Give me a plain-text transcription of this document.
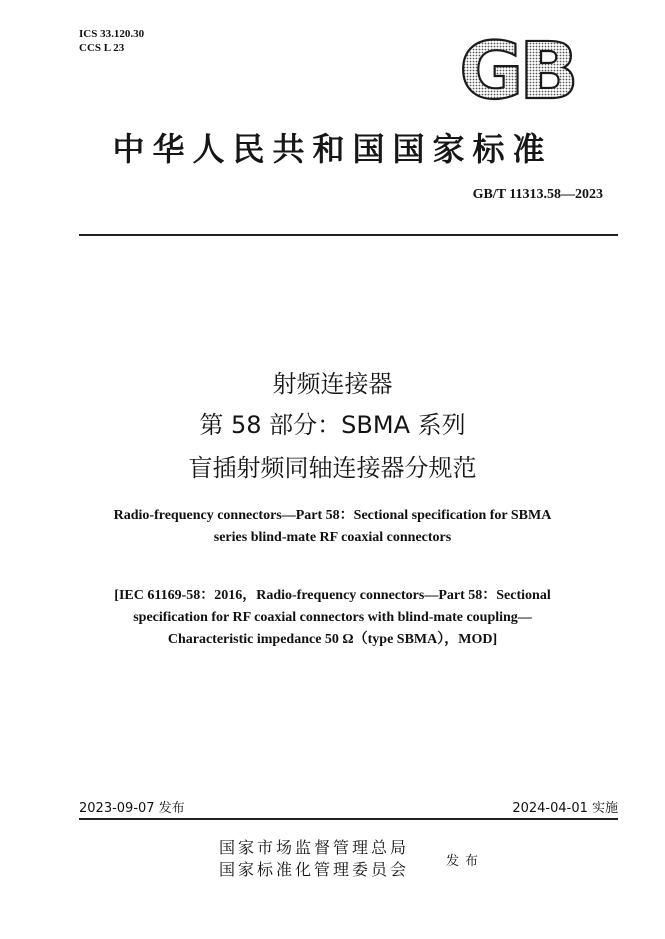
ICS 33.120.30
CCS L 23	GB
中华人民共和国国家标准
GB/T 11313.58—2023
射频连接器
第 58 部分：SBMA 系列
盲插射频同轴连接器分规范
Radio-frequency connectors—Part 58：Sectional specification for SBMA
series blind-mate RF coaxial connectors
[IEC 61169-58：2016，Radio-frequency connectors—Part 58：Sectional
specification for RF coaxial connectors with blind-mate coupling—
Characteristic impedance 50 Ω（type SBMA），MOD]
2023-09-07 发布	2024-04-01 实施
国家市场监督管理总局
国家标准化管理委员会	发布
